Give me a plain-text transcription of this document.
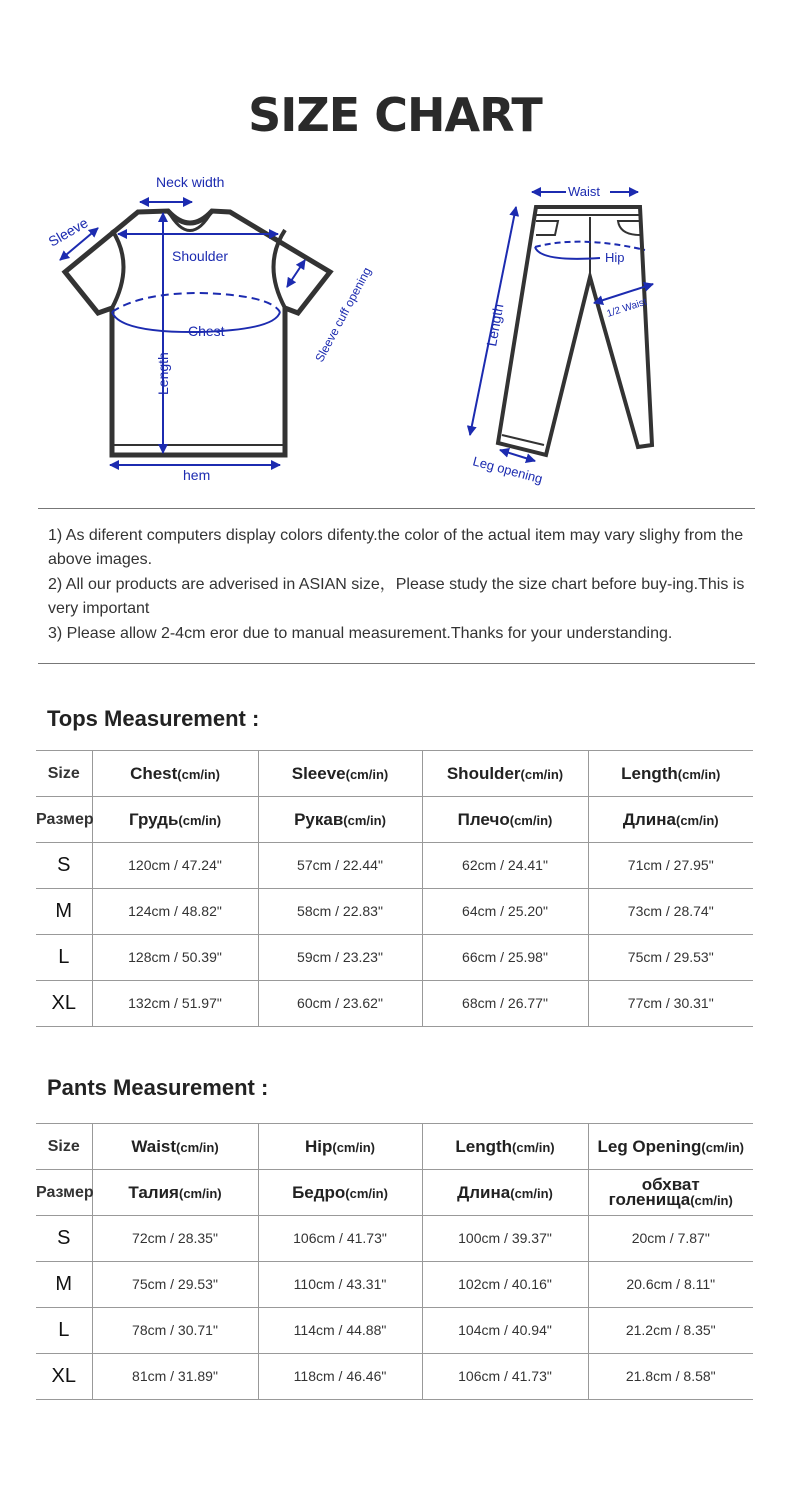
SIZE CHART
Neck width
Sleeve
Shoulder
Chest
Length
hem
Sleeve cuff opening
Waist
Hip
1/2 Waist
Length
Leg opening

1) As diferent computers display colors difenty.the color of the actual item may vary slighy from the above images.

2) All our products are adverised in ASIAN size，Please study the size chart before buy-ing.This is very important

3) Please allow 2-4cm eror due to manual measurement.Thanks for your understanding.

Tops Measurement :
Size	Chest(cm/in)	Sleeve(cm/in)	Shoulder(cm/in)	Length(cm/in)
Размер	Грудь(cm/in)	Рукав(cm/in)	Плечо(cm/in)	Длина(cm/in)
S	120cm / 47.24"	57cm / 22.44"	62cm / 24.41"	71cm / 27.95"
M	124cm / 48.82"	58cm / 22.83"	64cm / 25.20"	73cm / 28.74"
L	128cm / 50.39"	59cm / 23.23"	66cm / 25.98"	75cm / 29.53"
XL	132cm / 51.97"	60cm / 23.62"	68cm / 26.77"	77cm / 30.31"
Pants Measurement :
Size	Waist(cm/in)	Hip(cm/in)	Length(cm/in)	Leg Opening(cm/in)
Размер	Талия(cm/in)	Бедро(cm/in)	Длина(cm/in)	обхват голенища(cm/in)
S	72cm / 28.35"	106cm / 41.73"	100cm / 39.37"	20cm / 7.87"
M	75cm / 29.53"	110cm / 43.31"	102cm / 40.16"	20.6cm / 8.11"
L	78cm / 30.71"	114cm / 44.88"	104cm / 40.94"	21.2cm / 8.35"
XL	81cm / 31.89"	118cm / 46.46"	106cm / 41.73"	21.8cm / 8.58"
